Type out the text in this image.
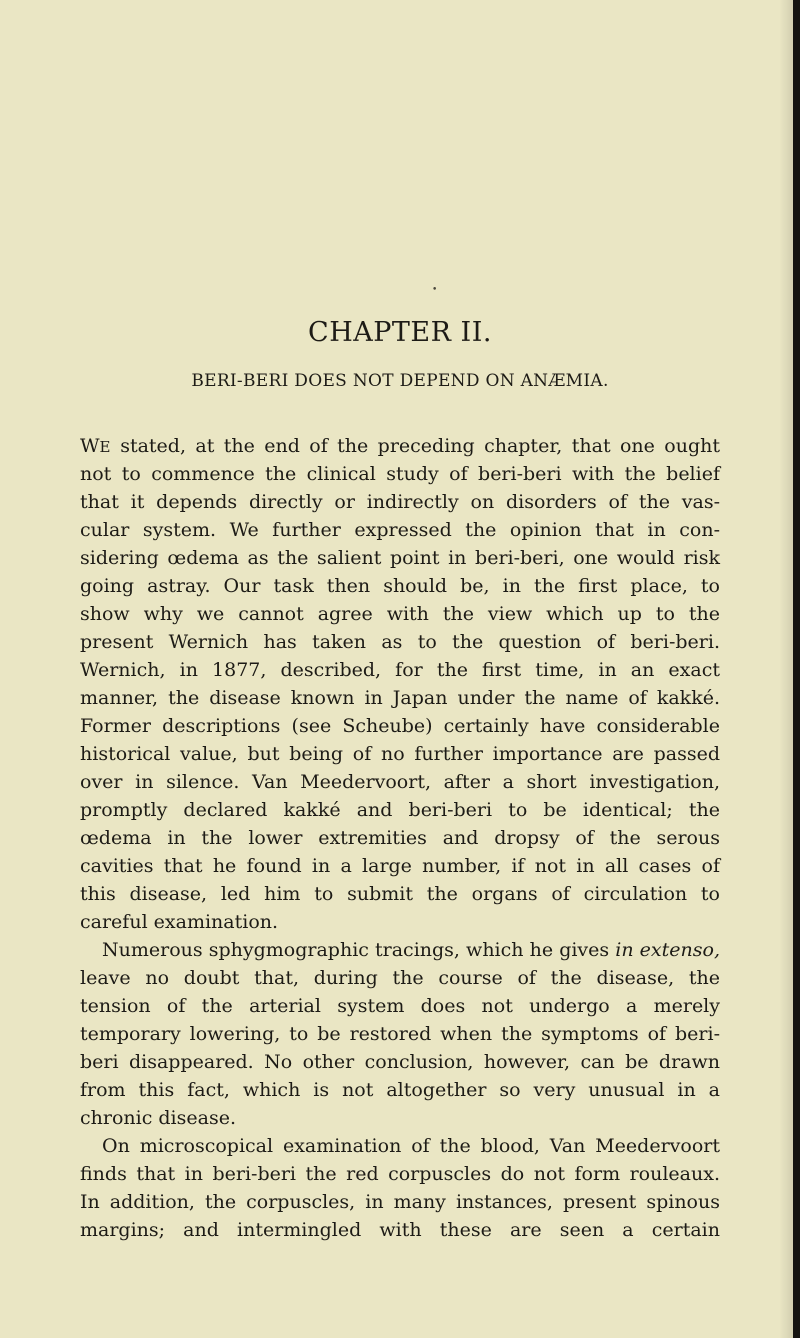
•
CHAPTER II.
BERI-BERI DOES NOT DEPEND ON ANÆMIA.
WE stated, at the end of the preceding chapter, that one ought
not to commence the clinical study of beri-beri with the belief
that it depends directly or indirectly on disorders of the vas-
cular system. We further expressed the opinion that in con-
sidering œdema as the salient point in beri-beri, one would risk
going astray. Our task then should be, in the first place, to
show why we cannot agree with the view which up to the
present Wernich has taken as to the question of beri-beri.
Wernich, in 1877, described, for the first time, in an exact
manner, the disease known in Japan under the name of kakké.
Former descriptions (see Scheube) certainly have considerable
historical value, but being of no further importance are passed
over in silence. Van Meedervoort, after a short investigation,
promptly declared kakké and beri-beri to be identical; the
œdema in the lower extremities and dropsy of the serous
cavities that he found in a large number, if not in all cases of
this disease, led him to submit the organs of circulation to
careful examination.
Numerous sphygmographic tracings, which he gives in extenso,
leave no doubt that, during the course of the disease, the
tension of the arterial system does not undergo a merely
temporary lowering, to be restored when the symptoms of beri-
beri disappeared. No other conclusion, however, can be drawn
from this fact, which is not altogether so very unusual in a
chronic disease.
On microscopical examination of the blood, Van Meedervoort
finds that in beri-beri the red corpuscles do not form rouleaux.
In addition, the corpuscles, in many instances, present spinous
margins; and intermingled with these are seen a certain
